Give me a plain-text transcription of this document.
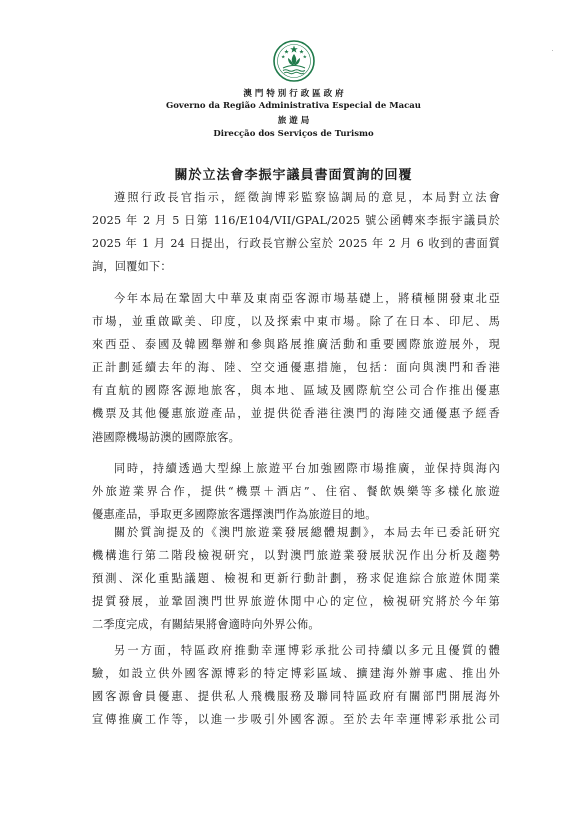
澳 門 特 別 行 政 區 政 府
Governo da Região Administrativa Especial de Macau
旅 遊 局
Direcção dos Serviços de Turismo
關於立法會李振宇議員書面質詢的回覆
遵照行政長官指示，經徵詢博彩監察協調局的意見，本局對立法會
2025 年 2 月 5 日第 116/E104/VII/GPAL/2025 號公函轉來李振宇議員於
2025 年 1 月 24 日提出，行政長官辦公室於 2025 年 2 月 6 收到的書面質
詢，回覆如下：
今年本局在鞏固大中華及東南亞客源市場基礎上，將積極開發東北亞
市場，並重啟歐美、印度，以及探索中東市場。除了在日本、印尼、馬
來西亞、泰國及韓國舉辦和參與路展推廣活動和重要國際旅遊展外，現
正計劃延續去年的海、陸、空交通優惠措施，包括：面向與澳門和香港
有直航的國際客源地旅客，與本地、區域及國際航空公司合作推出優惠
機票及其他優惠旅遊產品，並提供從香港往澳門的海陸交通優惠予經香
港國際機場訪澳的國際旅客。
同時，持續透過大型線上旅遊平台加強國際市場推廣，並保持與海內
外旅遊業界合作，提供“機票＋酒店”、住宿、餐飲娛樂等多樣化旅遊
優惠產品，爭取更多國際旅客選擇澳門作為旅遊目的地。
關於質詢提及的《澳門旅遊業發展總體規劃》，本局去年已委託研究
機構進行第二階段檢視研究，以對澳門旅遊業發展狀況作出分析及趨勢
預測、深化重點議題、檢視和更新行動計劃，務求促進綜合旅遊休閒業
提質發展，並鞏固澳門世界旅遊休閒中心的定位，檢視研究將於今年第
二季度完成，有關結果將會適時向外界公佈。
另一方面，特區政府推動幸運博彩承批公司持續以多元且優質的體
驗，如設立供外國客源博彩的特定博彩區域、擴建海外辦事處、推出外
國客源會員優惠、提供私人飛機服務及聯同特區政府有關部門開展海外
宣傳推廣工作等，以進一步吸引外國客源。至於去年幸運博彩承批公司
